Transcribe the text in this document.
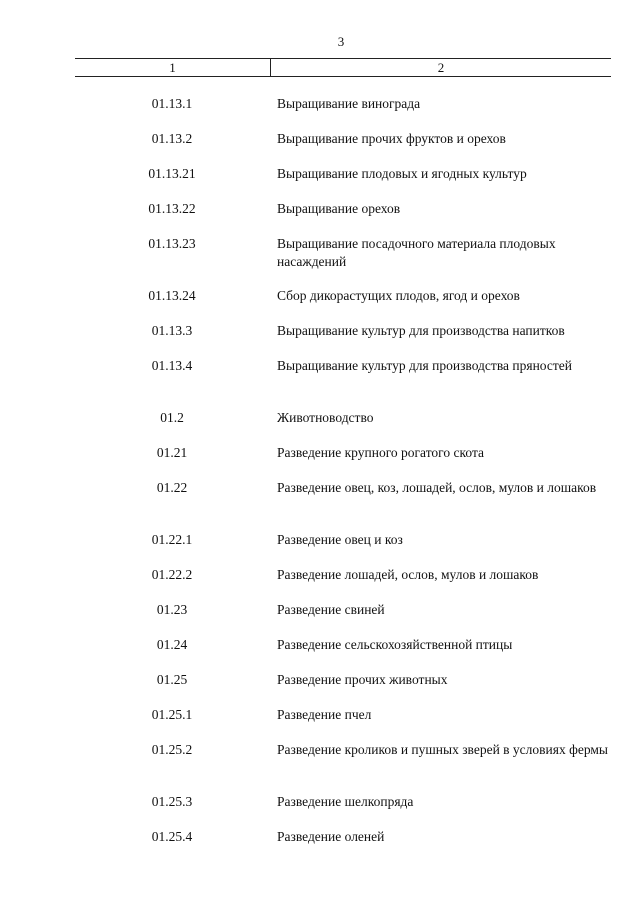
3
1	2
01.13.1	Выращивание винограда
01.13.2	Выращивание прочих фруктов и орехов
01.13.21	Выращивание плодовых и ягодных культур
01.13.22	Выращивание орехов
01.13.23	Выращивание посадочного материала плодовых насаждений
01.13.24	Сбор дикорастущих плодов, ягод и орехов
01.13.3	Выращивание культур для производства напитков
01.13.4	Выращивание культур для производства пряностей
01.2	Животноводство
01.21	Разведение крупного рогатого скота
01.22	Разведение овец, коз, лошадей, ослов, мулов и лошаков
01.22.1	Разведение овец и коз
01.22.2	Разведение лошадей, ослов, мулов и лошаков
01.23	Разведение свиней
01.24	Разведение сельскохозяйственной птицы
01.25	Разведение прочих животных
01.25.1	Разведение пчел
01.25.2	Разведение кроликов и пушных зверей в условиях фермы
01.25.3	Разведение шелкопряда
01.25.4	Разведение оленей
